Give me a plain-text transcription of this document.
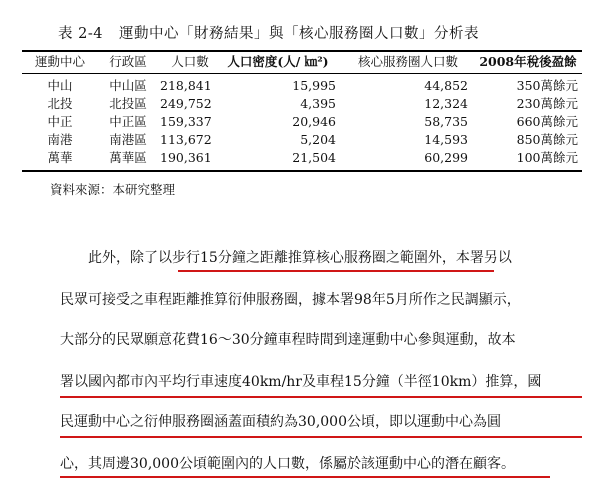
表 2-4 運動中心「財務結果」與「核心服務圈人口數」分析表
運動中心	行政區	人口數	人口密度(人/ ㎞²)	核心服務圈人口數	2008年稅後盈餘
中山	中山區	218,841	15,995	44,852	350萬餘元
北投	北投區	249,752	4,395	12,324	230萬餘元
中正	中正區	159,337	20,946	58,735	660萬餘元
南港	南港區	113,672	5,204	14,593	850萬餘元
萬華	萬華區	190,361	21,504	60,299	100萬餘元
資料來源：本研究整理
此外，除了以步行15分鐘之距離推算核心服務圈之範圍外，本署另以
民眾可接受之車程距離推算衍伸服務圈，據本署98年5月所作之民調顯示，
大部分的民眾願意花費16～30分鐘車程時間到達運動中心參與運動，故本
署以國內都市內平均行車速度40km/hr及車程15分鐘（半徑10km）推算，國
民運動中心之衍伸服務圈涵蓋面積約為30,000公頃，即以運動中心為圓
心，其周邊30,000公頃範圍內的人口數，係屬於該運動中心的潛在顧客。
